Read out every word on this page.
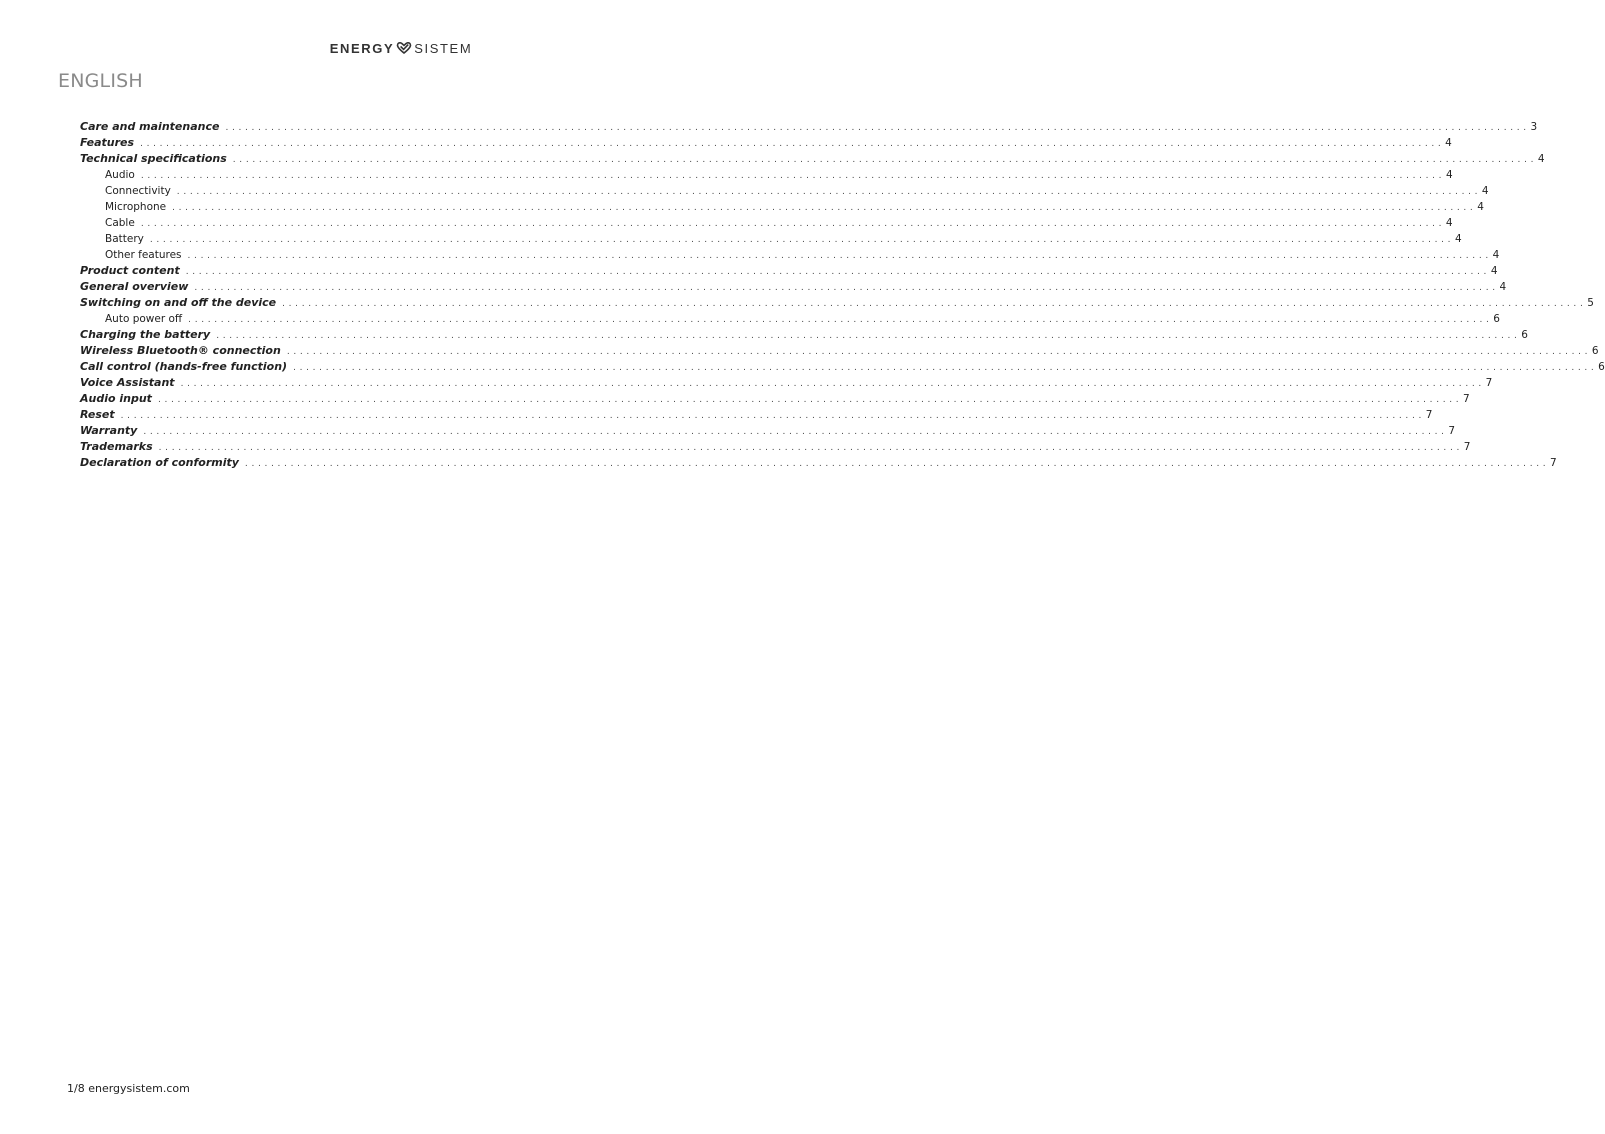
ENERGY SISTEM
ENGLISH
Care and maintenance . . . . . . . . . . . . . . . . . . . . . . . . . . . . . . . . . . . . . . . . . . . . . . . . . . . . . . . . . . . . . . . . . . . . . . . . . . . . . . . . . . . . . . . . . . . . . . . . . . . . . . . . . . . . . . . . . . . . . . . . . . . . . . . . . . . . . . . . . . . . . . . . . . . . . . . . . . . . . . . . . . . . . . . . . . . . . . . . . . . . . . . . . . . . . . . . . . . . . . . . 3
Features . . . . . . . . . . . . . . . . . . . . . . . . . . . . . . . . . . . . . . . . . . . . . . . . . . . . . . . . . . . . . . . . . . . . . . . . . . . . . . . . . . . . . . . . . . . . . . . . . . . . . . . . . . . . . . . . . . . . . . . . . . . . . . . . . . . . . . . . . . . . . . . . . . . . . . . . . . . . . . . . . . . . . . . . . . . . . . . . . . . . . . . . . . . . . . . . . . . . . . . . 4
Technical specifications . . . . . . . . . . . . . . . . . . . . . . . . . . . . . . . . . . . . . . . . . . . . . . . . . . . . . . . . . . . . . . . . . . . . . . . . . . . . . . . . . . . . . . . . . . . . . . . . . . . . . . . . . . . . . . . . . . . . . . . . . . . . . . . . . . . . . . . . . . . . . . . . . . . . . . . . . . . . . . . . . . . . . . . . . . . . . . . . . . . . . . . . . . . . . . . . . . . . . . . . 4
Audio . . . . . . . . . . . . . . . . . . . . . . . . . . . . . . . . . . . . . . . . . . . . . . . . . . . . . . . . . . . . . . . . . . . . . . . . . . . . . . . . . . . . . . . . . . . . . . . . . . . . . . . . . . . . . . . . . . . . . . . . . . . . . . . . . . . . . . . . . . . . . . . . . . . . . . . . . . . . . . . . . . . . . . . . . . . . . . . . . . . . . . . . . . . . . . . . . . . . . . . . 4
Connectivity . . . . . . . . . . . . . . . . . . . . . . . . . . . . . . . . . . . . . . . . . . . . . . . . . . . . . . . . . . . . . . . . . . . . . . . . . . . . . . . . . . . . . . . . . . . . . . . . . . . . . . . . . . . . . . . . . . . . . . . . . . . . . . . . . . . . . . . . . . . . . . . . . . . . . . . . . . . . . . . . . . . . . . . . . . . . . . . . . . . . . . . . . . . . . . . . . . . . . . . . 4
Microphone . . . . . . . . . . . . . . . . . . . . . . . . . . . . . . . . . . . . . . . . . . . . . . . . . . . . . . . . . . . . . . . . . . . . . . . . . . . . . . . . . . . . . . . . . . . . . . . . . . . . . . . . . . . . . . . . . . . . . . . . . . . . . . . . . . . . . . . . . . . . . . . . . . . . . . . . . . . . . . . . . . . . . . . . . . . . . . . . . . . . . . . . . . . . . . . . . . . . . . . . 4
Cable . . . . . . . . . . . . . . . . . . . . . . . . . . . . . . . . . . . . . . . . . . . . . . . . . . . . . . . . . . . . . . . . . . . . . . . . . . . . . . . . . . . . . . . . . . . . . . . . . . . . . . . . . . . . . . . . . . . . . . . . . . . . . . . . . . . . . . . . . . . . . . . . . . . . . . . . . . . . . . . . . . . . . . . . . . . . . . . . . . . . . . . . . . . . . . . . . . . . . . . . 4
Battery . . . . . . . . . . . . . . . . . . . . . . . . . . . . . . . . . . . . . . . . . . . . . . . . . . . . . . . . . . . . . . . . . . . . . . . . . . . . . . . . . . . . . . . . . . . . . . . . . . . . . . . . . . . . . . . . . . . . . . . . . . . . . . . . . . . . . . . . . . . . . . . . . . . . . . . . . . . . . . . . . . . . . . . . . . . . . . . . . . . . . . . . . . . . . . . . . . . . . . . . 4
Other features . . . . . . . . . . . . . . . . . . . . . . . . . . . . . . . . . . . . . . . . . . . . . . . . . . . . . . . . . . . . . . . . . . . . . . . . . . . . . . . . . . . . . . . . . . . . . . . . . . . . . . . . . . . . . . . . . . . . . . . . . . . . . . . . . . . . . . . . . . . . . . . . . . . . . . . . . . . . . . . . . . . . . . . . . . . . . . . . . . . . . . . . . . . . . . . . . . . . . . . . 4
Product content . . . . . . . . . . . . . . . . . . . . . . . . . . . . . . . . . . . . . . . . . . . . . . . . . . . . . . . . . . . . . . . . . . . . . . . . . . . . . . . . . . . . . . . . . . . . . . . . . . . . . . . . . . . . . . . . . . . . . . . . . . . . . . . . . . . . . . . . . . . . . . . . . . . . . . . . . . . . . . . . . . . . . . . . . . . . . . . . . . . . . . . . . . . . . . . . . . . . . . . . 4
General overview . . . . . . . . . . . . . . . . . . . . . . . . . . . . . . . . . . . . . . . . . . . . . . . . . . . . . . . . . . . . . . . . . . . . . . . . . . . . . . . . . . . . . . . . . . . . . . . . . . . . . . . . . . . . . . . . . . . . . . . . . . . . . . . . . . . . . . . . . . . . . . . . . . . . . . . . . . . . . . . . . . . . . . . . . . . . . . . . . . . . . . . . . . . . . . . . . . . . . . . . 4
Switching on and off the device . . . . . . . . . . . . . . . . . . . . . . . . . . . . . . . . . . . . . . . . . . . . . . . . . . . . . . . . . . . . . . . . . . . . . . . . . . . . . . . . . . . . . . . . . . . . . . . . . . . . . . . . . . . . . . . . . . . . . . . . . . . . . . . . . . . . . . . . . . . . . . . . . . . . . . . . . . . . . . . . . . . . . . . . . . . . . . . . . . . . . . . . . . . . . . . . . . . . . . . . 5
Auto power off . . . . . . . . . . . . . . . . . . . . . . . . . . . . . . . . . . . . . . . . . . . . . . . . . . . . . . . . . . . . . . . . . . . . . . . . . . . . . . . . . . . . . . . . . . . . . . . . . . . . . . . . . . . . . . . . . . . . . . . . . . . . . . . . . . . . . . . . . . . . . . . . . . . . . . . . . . . . . . . . . . . . . . . . . . . . . . . . . . . . . . . . . . . . . . . . . . . . . . . . 6
Charging the battery . . . . . . . . . . . . . . . . . . . . . . . . . . . . . . . . . . . . . . . . . . . . . . . . . . . . . . . . . . . . . . . . . . . . . . . . . . . . . . . . . . . . . . . . . . . . . . . . . . . . . . . . . . . . . . . . . . . . . . . . . . . . . . . . . . . . . . . . . . . . . . . . . . . . . . . . . . . . . . . . . . . . . . . . . . . . . . . . . . . . . . . . . . . . . . . . . . . . . . . . 6
Wireless Bluetooth® connection . . . . . . . . . . . . . . . . . . . . . . . . . . . . . . . . . . . . . . . . . . . . . . . . . . . . . . . . . . . . . . . . . . . . . . . . . . . . . . . . . . . . . . . . . . . . . . . . . . . . . . . . . . . . . . . . . . . . . . . . . . . . . . . . . . . . . . . . . . . . . . . . . . . . . . . . . . . . . . . . . . . . . . . . . . . . . . . . . . . . . . . . . . . . . . . . . . . . . . . . 6
Call control (hands-free function) . . . . . . . . . . . . . . . . . . . . . . . . . . . . . . . . . . . . . . . . . . . . . . . . . . . . . . . . . . . . . . . . . . . . . . . . . . . . . . . . . . . . . . . . . . . . . . . . . . . . . . . . . . . . . . . . . . . . . . . . . . . . . . . . . . . . . . . . . . . . . . . . . . . . . . . . . . . . . . . . . . . . . . . . . . . . . . . . . . . . . . . . . . . . . . . . . . . . . . . . 6
Voice Assistant . . . . . . . . . . . . . . . . . . . . . . . . . . . . . . . . . . . . . . . . . . . . . . . . . . . . . . . . . . . . . . . . . . . . . . . . . . . . . . . . . . . . . . . . . . . . . . . . . . . . . . . . . . . . . . . . . . . . . . . . . . . . . . . . . . . . . . . . . . . . . . . . . . . . . . . . . . . . . . . . . . . . . . . . . . . . . . . . . . . . . . . . . . . . . . . . . . . . . . . . 7
Audio input . . . . . . . . . . . . . . . . . . . . . . . . . . . . . . . . . . . . . . . . . . . . . . . . . . . . . . . . . . . . . . . . . . . . . . . . . . . . . . . . . . . . . . . . . . . . . . . . . . . . . . . . . . . . . . . . . . . . . . . . . . . . . . . . . . . . . . . . . . . . . . . . . . . . . . . . . . . . . . . . . . . . . . . . . . . . . . . . . . . . . . . . . . . . . . . . . . . . . . . . 7
Reset . . . . . . . . . . . . . . . . . . . . . . . . . . . . . . . . . . . . . . . . . . . . . . . . . . . . . . . . . . . . . . . . . . . . . . . . . . . . . . . . . . . . . . . . . . . . . . . . . . . . . . . . . . . . . . . . . . . . . . . . . . . . . . . . . . . . . . . . . . . . . . . . . . . . . . . . . . . . . . . . . . . . . . . . . . . . . . . . . . . . . . . . . . . . . . . . . . . . . . . . 7
Warranty . . . . . . . . . . . . . . . . . . . . . . . . . . . . . . . . . . . . . . . . . . . . . . . . . . . . . . . . . . . . . . . . . . . . . . . . . . . . . . . . . . . . . . . . . . . . . . . . . . . . . . . . . . . . . . . . . . . . . . . . . . . . . . . . . . . . . . . . . . . . . . . . . . . . . . . . . . . . . . . . . . . . . . . . . . . . . . . . . . . . . . . . . . . . . . . . . . . . . . . . 7
Trademarks . . . . . . . . . . . . . . . . . . . . . . . . . . . . . . . . . . . . . . . . . . . . . . . . . . . . . . . . . . . . . . . . . . . . . . . . . . . . . . . . . . . . . . . . . . . . . . . . . . . . . . . . . . . . . . . . . . . . . . . . . . . . . . . . . . . . . . . . . . . . . . . . . . . . . . . . . . . . . . . . . . . . . . . . . . . . . . . . . . . . . . . . . . . . . . . . . . . . . . . . 7
Declaration of conformity . . . . . . . . . . . . . . . . . . . . . . . . . . . . . . . . . . . . . . . . . . . . . . . . . . . . . . . . . . . . . . . . . . . . . . . . . . . . . . . . . . . . . . . . . . . . . . . . . . . . . . . . . . . . . . . . . . . . . . . . . . . . . . . . . . . . . . . . . . . . . . . . . . . . . . . . . . . . . . . . . . . . . . . . . . . . . . . . . . . . . . . . . . . . . . . . . . . . . . . . 7
1/8 energysistem.com
